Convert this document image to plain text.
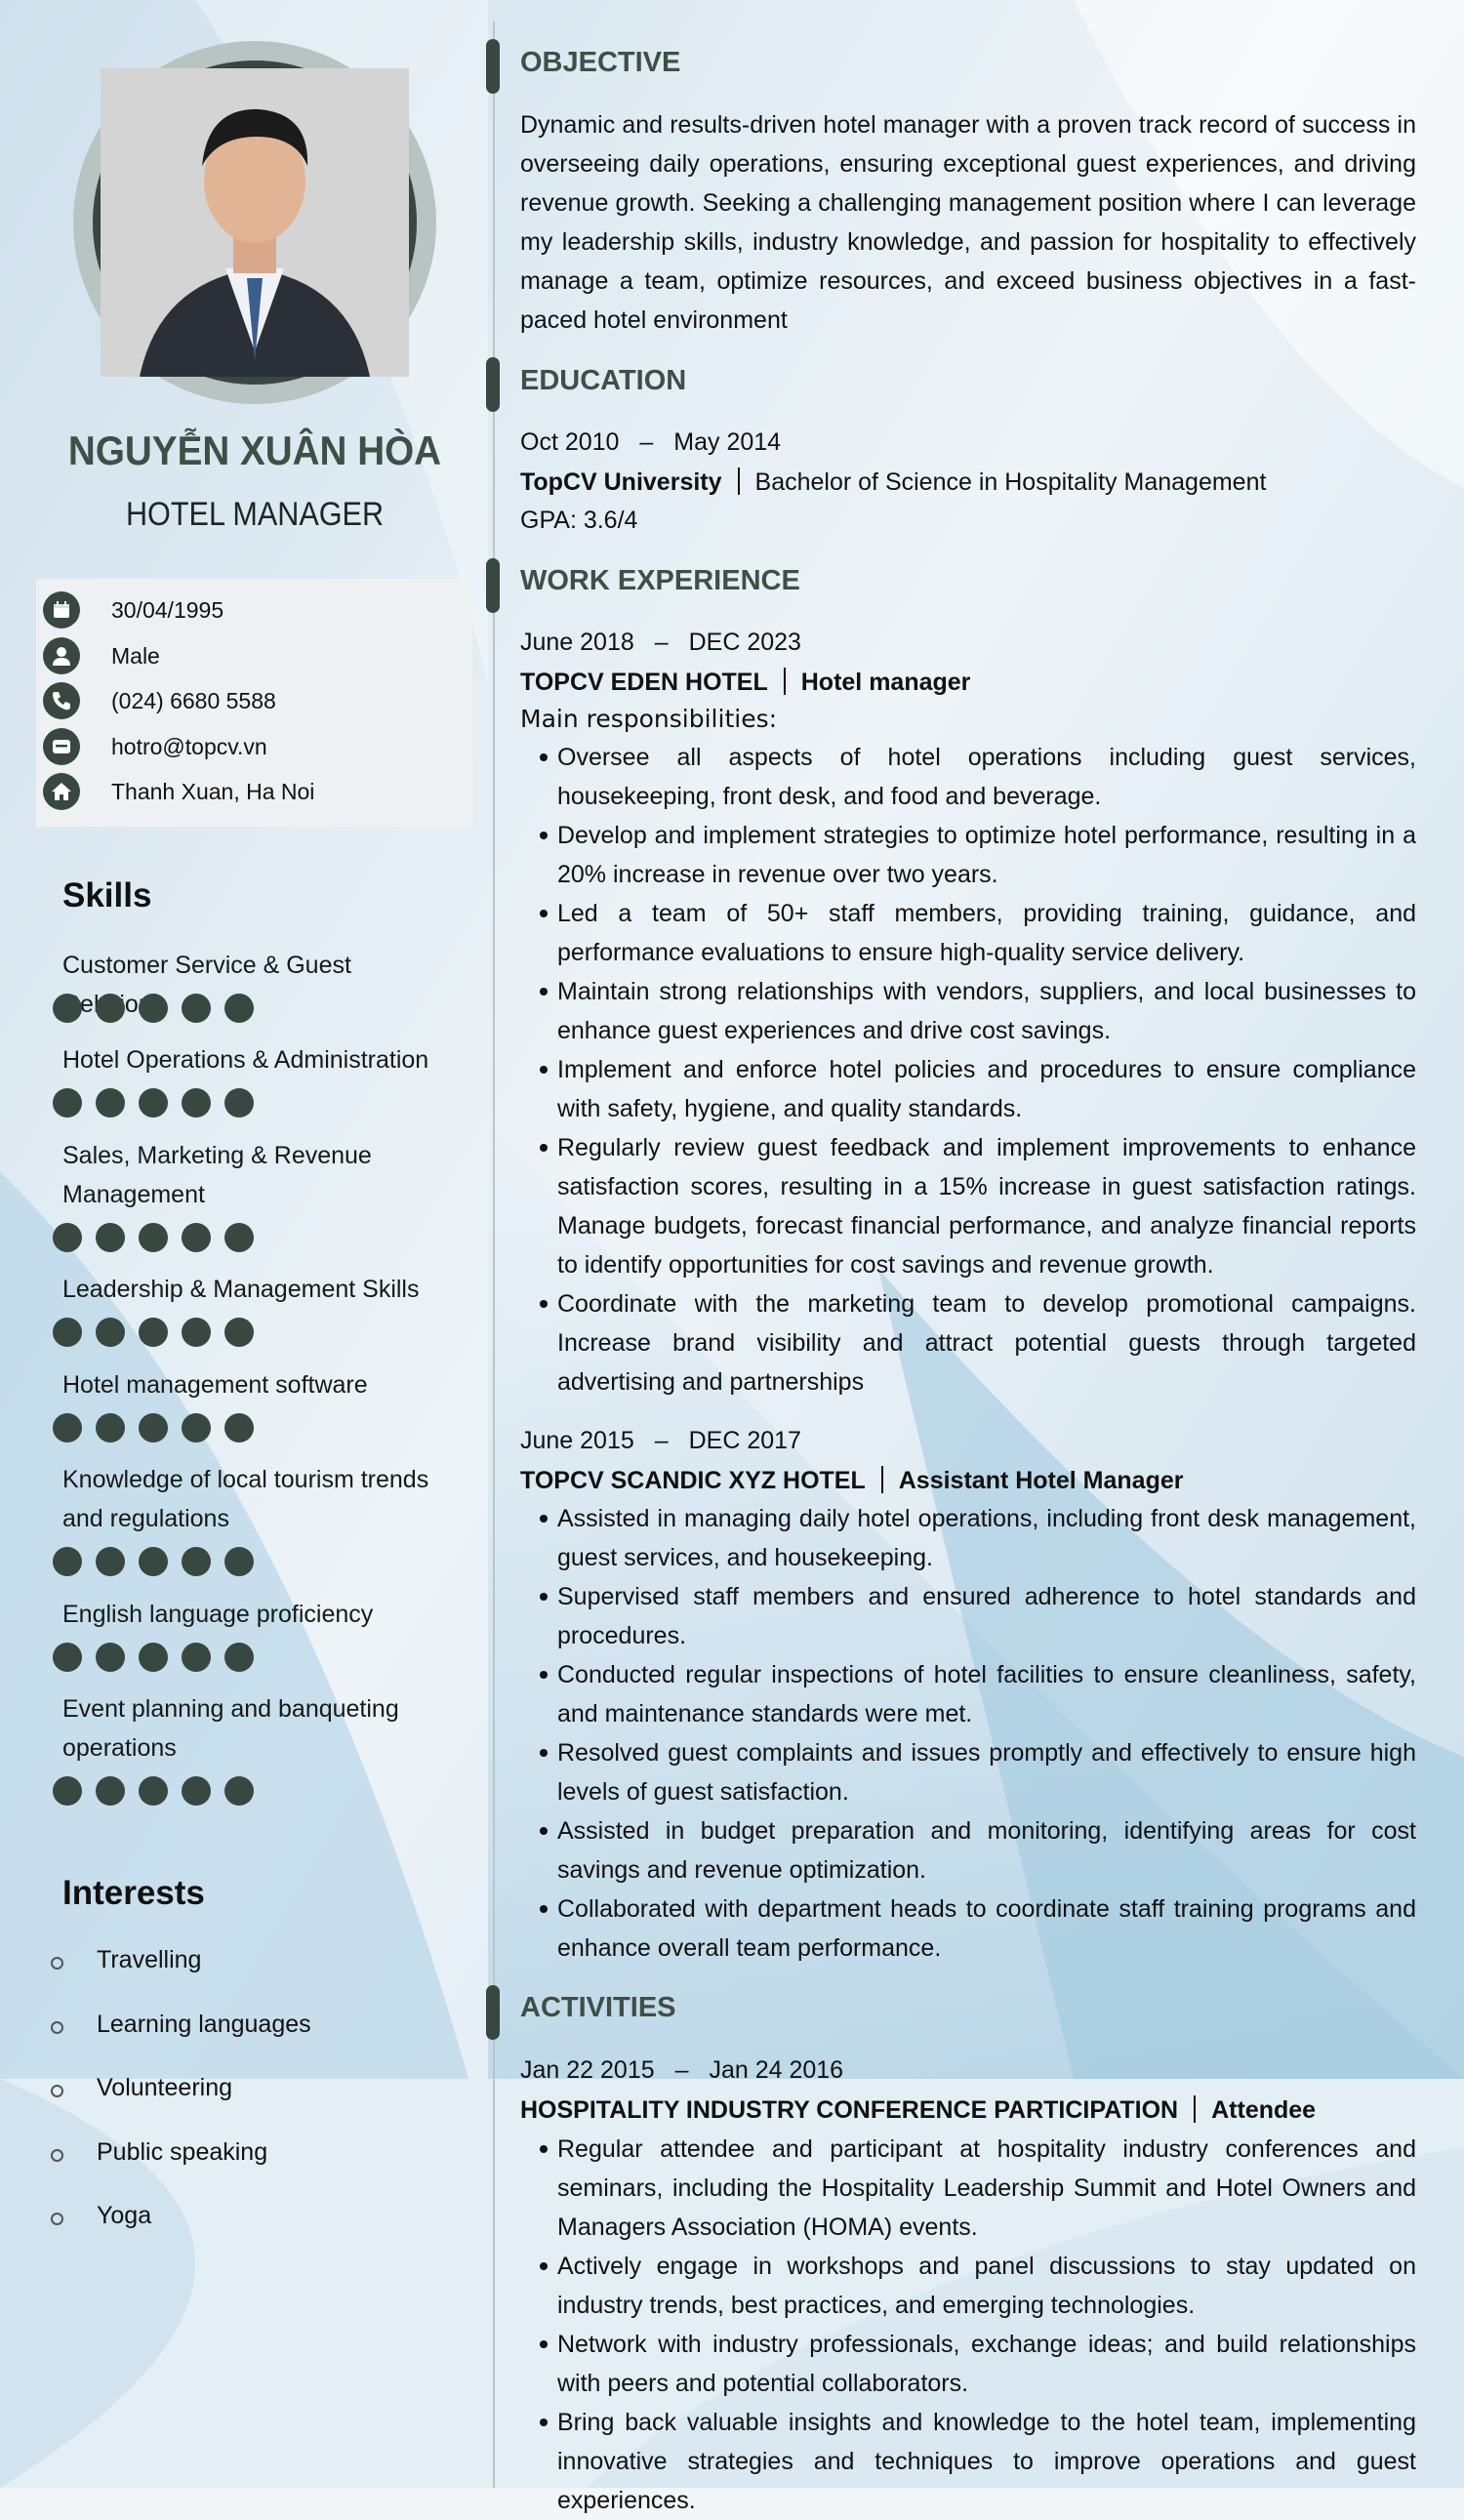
NGUYỄN XUÂN HÒA
HOTEL MANAGER
30/04/1995
Male
(024) 6680 5588
hotro@topcv.vn
Thanh Xuan, Ha Noi
Skills
Customer Service & Guest
Hotel Operations & Administration
Sales, Marketing & Revenue Management
Leadership & Management Skills
Hotel management software
Knowledge of local tourism trends and regulations
English language proficiency
Event planning and banqueting operations
Interests
Travelling
Learning languages
Volunteering
Public speaking
Yoga
OBJECTIVE
Dynamic and results-driven hotel manager with a proven track record of success in overseeing daily operations, ensuring exceptional guest experiences, and driving revenue growth. Seeking a challenging management position where I can leverage my leadership skills, industry knowledge, and passion for hospitality to effectively manage a team, optimize resources, and exceed business objectives in a fast-paced hotel environment
EDUCATION
Oct 2010 – May 2014
TopCV University Bachelor of Science in Hospitality Management
GPA: 3.6/4
WORK EXPERIENCE
June 2018 – DEC 2023
TOPCV EDEN HOTEL Hotel manager
Main responsibilities:
Oversee all aspects of hotel operations including guest services, housekeeping, front desk, and food and beverage.
Develop and implement strategies to optimize hotel performance, resulting in a 20% increase in revenue over two years.
Led a team of 50+ staff members, providing training, guidance, and performance evaluations to ensure high-quality service delivery.
Maintain strong relationships with vendors, suppliers, and local businesses to enhance guest experiences and drive cost savings.
Implement and enforce hotel policies and procedures to ensure compliance with safety, hygiene, and quality standards.
Regularly review guest feedback and implement improvements to enhance satisfaction scores, resulting in a 15% increase in guest satisfaction ratings. Manage budgets, forecast financial performance, and analyze financial reports to identify opportunities for cost savings and revenue growth.
Coordinate with the marketing team to develop promotional campaigns. Increase brand visibility and attract potential guests through targeted advertising and partnerships
June 2015 – DEC 2017
TOPCV SCANDIC XYZ HOTEL Assistant Hotel Manager
Assisted in managing daily hotel operations, including front desk management, guest services, and housekeeping.
Supervised staff members and ensured adherence to hotel standards and procedures.
Conducted regular inspections of hotel facilities to ensure cleanliness, safety, and maintenance standards were met.
Resolved guest complaints and issues promptly and effectively to ensure high levels of guest satisfaction.
Assisted in budget preparation and monitoring, identifying areas for cost savings and revenue optimization.
Collaborated with department heads to coordinate staff training programs and enhance overall team performance.
ACTIVITIES
Jan 22 2015 – Jan 24 2016
HOSPITALITY INDUSTRY CONFERENCE PARTICIPATION Attendee
Regular attendee and participant at hospitality industry conferences and seminars, including the Hospitality Leadership Summit and Hotel Owners and Managers Association (HOMA) events.
Actively engage in workshops and panel discussions to stay updated on industry trends, best practices, and emerging technologies.
Network with industry professionals, exchange ideas; and build relationships with peers and potential collaborators.
Bring back valuable insights and knowledge to the hotel team, implementing innovative strategies and techniques to improve operations and guest experiences.
